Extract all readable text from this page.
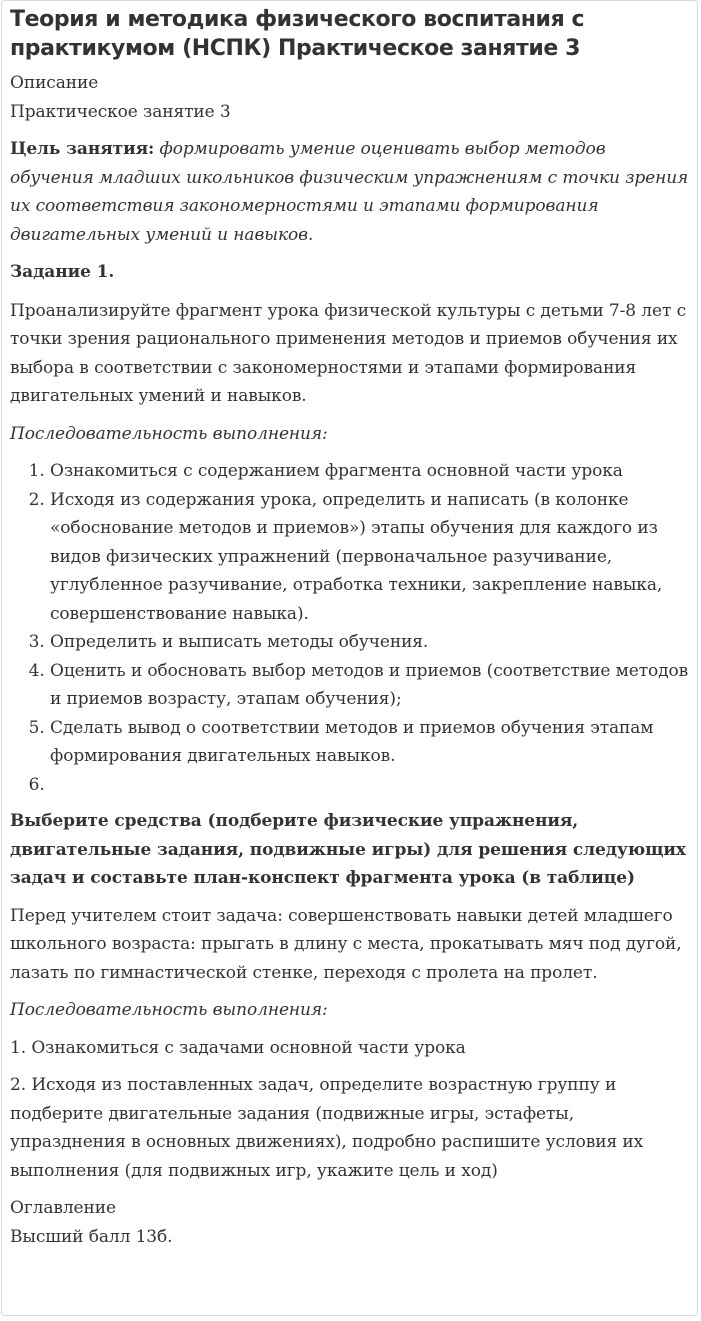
Теория и методика физического воспитания с практикумом (НСПК) Практическое занятие 3

Описание

Практическое занятие 3

Цель занятия: формировать умение оценивать выбор методов обучения младших школьников физическим упражнениям с точки зрения их соответствия закономерностями и этапами формирования двигательных умений и навыков.

Задание 1.

Проанализируйте фрагмент урока физической культуры с детьми 7-8 лет с точки зрения рационального применения методов и приемов обучения их выбора в соответствии с закономерностями и этапами формирования двигательных умений и навыков.

Последовательность выполнения:

1. Ознакомиться с содержанием фрагмента основной части урока
2. Исходя из содержания урока, определить и написать (в колонке «обоснование методов и приемов») этапы обучения для каждого из видов физических упражнений (первоначальное разучивание, углубленное разучивание, отработка техники, закрепление навыка, совершенствование навыка).
3. Определить и выписать методы обучения.
4. Оценить и обосновать выбор методов и приемов (соответствие методов и приемов возрасту, этапам обучения);
5. Сделать вывод о соответствии методов и приемов обучения этапам формирования двигательных навыков.
6.

Выберите средства (подберите физические упражнения, двигательные задания, подвижные игры) для решения следующих задач и составьте план-конспект фрагмента урока (в таблице)

Перед учителем стоит задача: совершенствовать навыки детей младшего школьного возраста: прыгать в длину с места, прокатывать мяч под дугой, лазать по гимнастической стенке, переходя с пролета на пролет.

Последовательность выполнения:

1. Ознакомиться с задачами основной части урока

2. Исходя из поставленных задач, определите возрастную группу и подберите двигательные задания (подвижные игры, эстафеты, упразднения в основных движениях), подробно распишите условия их выполнения (для подвижных игр, укажите цель и ход)

Оглавление

Высший балл 13б.
